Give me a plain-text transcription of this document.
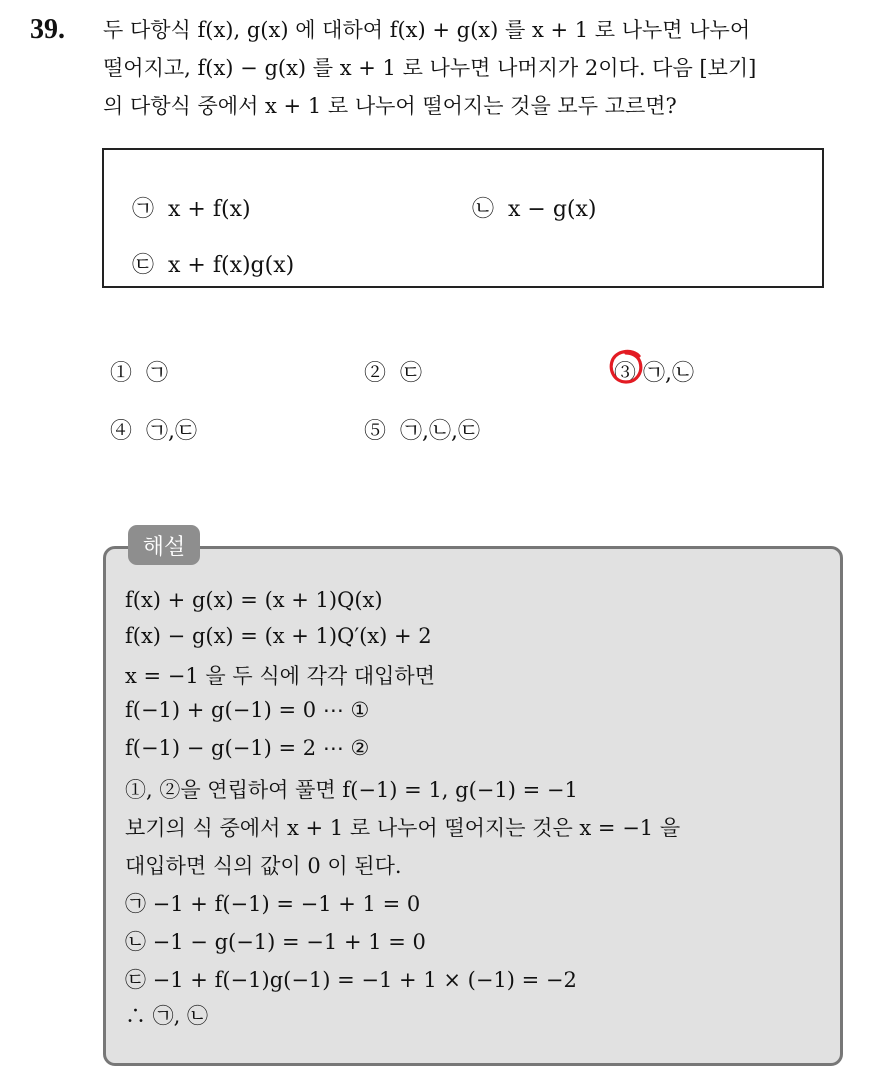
39. 두 다항식 f(x), g(x) 에 대하여 f(x) + g(x) 를 x + 1 로 나누면 나누어
떨어지고, f(x) − g(x) 를 x + 1 로 나누면 나머지가 2이다. 다음 [보기]
의 다항식 중에서 x + 1 로 나누어 떨어지는 것을 모두 고르면?
㉠ x + f(x)	㉡ x − g(x)
㉢ x + f(x)g(x)
① ㉠	② ㉢	③ ㉠,㉡
④ ㉠,㉢	⑤ ㉠,㉡,㉢
해설
f(x) + g(x) = (x + 1)Q(x)
f(x) − g(x) = (x + 1)Q′(x) + 2
x = −1 을 두 식에 각각 대입하면
f(−1) + g(−1) = 0 ⋯ ①
f(−1) − g(−1) = 2 ⋯ ②
①, ②을 연립하여 풀면 f(−1) = 1, g(−1) = −1
보기의 식 중에서 x + 1 로 나누어 떨어지는 것은 x = −1 을
대입하면 식의 값이 0 이 된다.
㉠ −1 + f(−1) = −1 + 1 = 0
㉡ −1 − g(−1) = −1 + 1 = 0
㉢ −1 + f(−1)g(−1) = −1 + 1 × (−1) = −2
∴ ㉠, ㉡
